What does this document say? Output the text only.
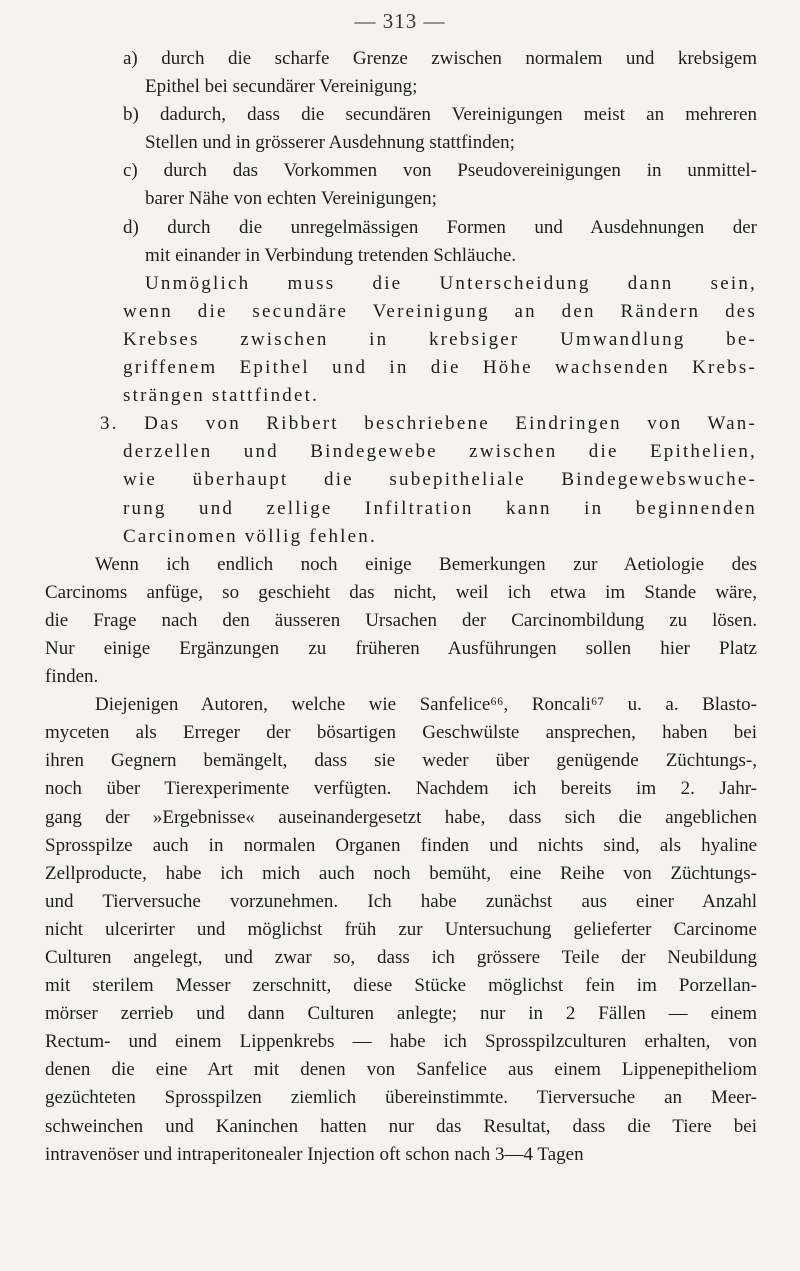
— 313 —
a) durch die scharfe Grenze zwischen normalem und krebsigem
Epithel bei secundärer Vereinigung;
b) dadurch, dass die secundären Vereinigungen meist an mehreren
Stellen und in grösserer Ausdehnung stattfinden;
c) durch das Vorkommen von Pseudovereinigungen in unmittel-
barer Nähe von echten Vereinigungen;
d) durch die unregelmässigen Formen und Ausdehnungen der
mit einander in Verbindung tretenden Schläuche.
Unmöglich muss die Unterscheidung dann sein,
wenn die secundäre Vereinigung an den Rändern des
Krebses zwischen in krebsiger Umwandlung be-
griffenem Epithel und in die Höhe wachsenden Krebs-
strängen stattfindet.
3. Das von Ribbert beschriebene Eindringen von Wan-
derzellen und Bindegewebe zwischen die Epithelien,
wie überhaupt die subepitheliale Bindegewebswuche-
rung und zellige Infiltration kann in beginnenden
Carcinomen völlig fehlen.
Wenn ich endlich noch einige Bemerkungen zur Aetiologie des
Carcinoms anfüge, so geschieht das nicht, weil ich etwa im Stande wäre,
die Frage nach den äusseren Ursachen der Carcinombildung zu lösen.
Nur einige Ergänzungen zu früheren Ausführungen sollen hier Platz
finden.
Diejenigen Autoren, welche wie Sanfelice⁶⁶, Roncali⁶⁷ u. a. Blasto-
myceten als Erreger der bösartigen Geschwülste ansprechen, haben bei
ihren Gegnern bemängelt, dass sie weder über genügende Züchtungs-,
noch über Tierexperimente verfügten. Nachdem ich bereits im 2. Jahr-
gang der »Ergebnisse« auseinandergesetzt habe, dass sich die angeblichen
Sprosspilze auch in normalen Organen finden und nichts sind, als hyaline
Zellproducte, habe ich mich auch noch bemüht, eine Reihe von Züchtungs-
und Tierversuche vorzunehmen. Ich habe zunächst aus einer Anzahl
nicht ulcerirter und möglichst früh zur Untersuchung gelieferter Carcinome
Culturen angelegt, und zwar so, dass ich grössere Teile der Neubildung
mit sterilem Messer zerschnitt, diese Stücke möglichst fein im Porzellan-
mörser zerrieb und dann Culturen anlegte; nur in 2 Fällen — einem
Rectum- und einem Lippenkrebs — habe ich Sprosspilzculturen erhalten, von
denen die eine Art mit denen von Sanfelice aus einem Lippenepitheliom
gezüchteten Sprosspilzen ziemlich übereinstimmte. Tierversuche an Meer-
schweinchen und Kaninchen hatten nur das Resultat, dass die Tiere bei
intravenöser und intraperitonealer Injection oft schon nach 3—4 Tagen
